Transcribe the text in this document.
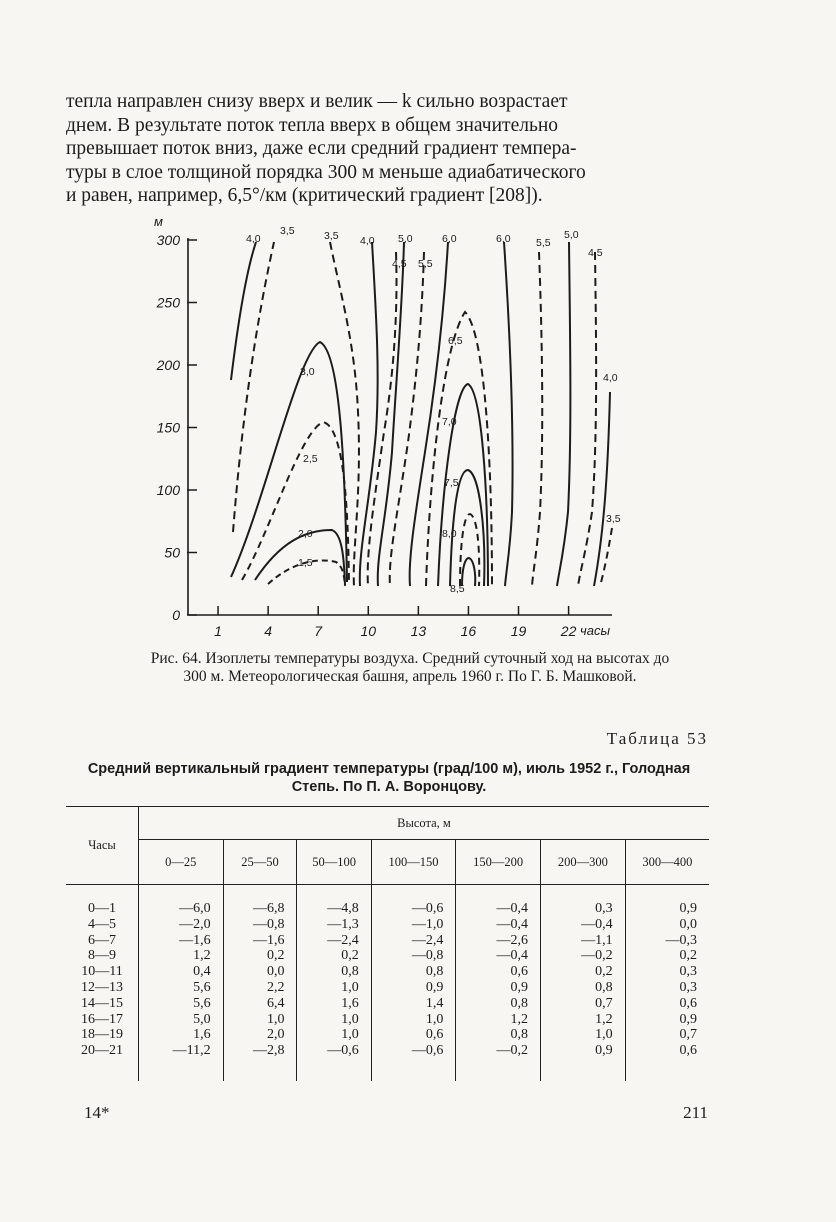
тепла направлен снизу вверх и велик — k сильно возрастает
днем. В результате поток тепла вверх в общем значительно
превышает поток вниз, даже если средний градиент темпера-
туры в слое толщиной порядка 300 м меньше адиабатического
и равен, например, 6,5°/км (критический градиент [208]).
0
50
100
150
200
250
300
1	4	7	10 13 16 19 22
м
часы
4,0
3,5	3,5 4,0 5,0	6,0	6,0 5,5
5,0
4,5 5,5
4,5
6,5
3,0	4,0
7,0
2,5
7,5
3,5
2,0	8,0
1,5
8,5
Рис. 64. Изоплеты температуры воздуха. Средний суточный ход на высотах до 300 м. Метеорологическая башня, апрель 1960 г. По Г. Б. Машковой.
Таблица 53
Средний вертикальный градиент температуры (град/100 м), июль 1952 г., Голодная Степь. По П. А. Воронцову.
Часы	Высота, м						
	0—25	25—50	50—100	100—150	150—200	200—300	300—400
0—1	—6,0	—6,8	—4,8	—0,6	—0,4	0,3	0,9
4—5	—2,0	—0,8	—1,3	—1,0	—0,4	—0,4	0,0
6—7	—1,6	—1,6	—2,4	—2,4	—2,6	—1,1	—0,3
8—9	1,2	0,2	0,2	—0,8	—0,4	—0,2	0,2
10—11	0,4	0,0	0,8	0,8	0,6	0,2	0,3
12—13	5,6	2,2	1,0	0,9	0,9	0,8	0,3
14—15	5,6	6,4	1,6	1,4	0,8	0,7	0,6
16—17	5,0	1,0	1,0	1,0	1,2	1,2	0,9
18—19	1,6	2,0	1,0	0,6	0,8	1,0	0,7
20—21	—11,2	—2,8	—0,6	—0,6	—0,2	0,9	0,6
14*	211
